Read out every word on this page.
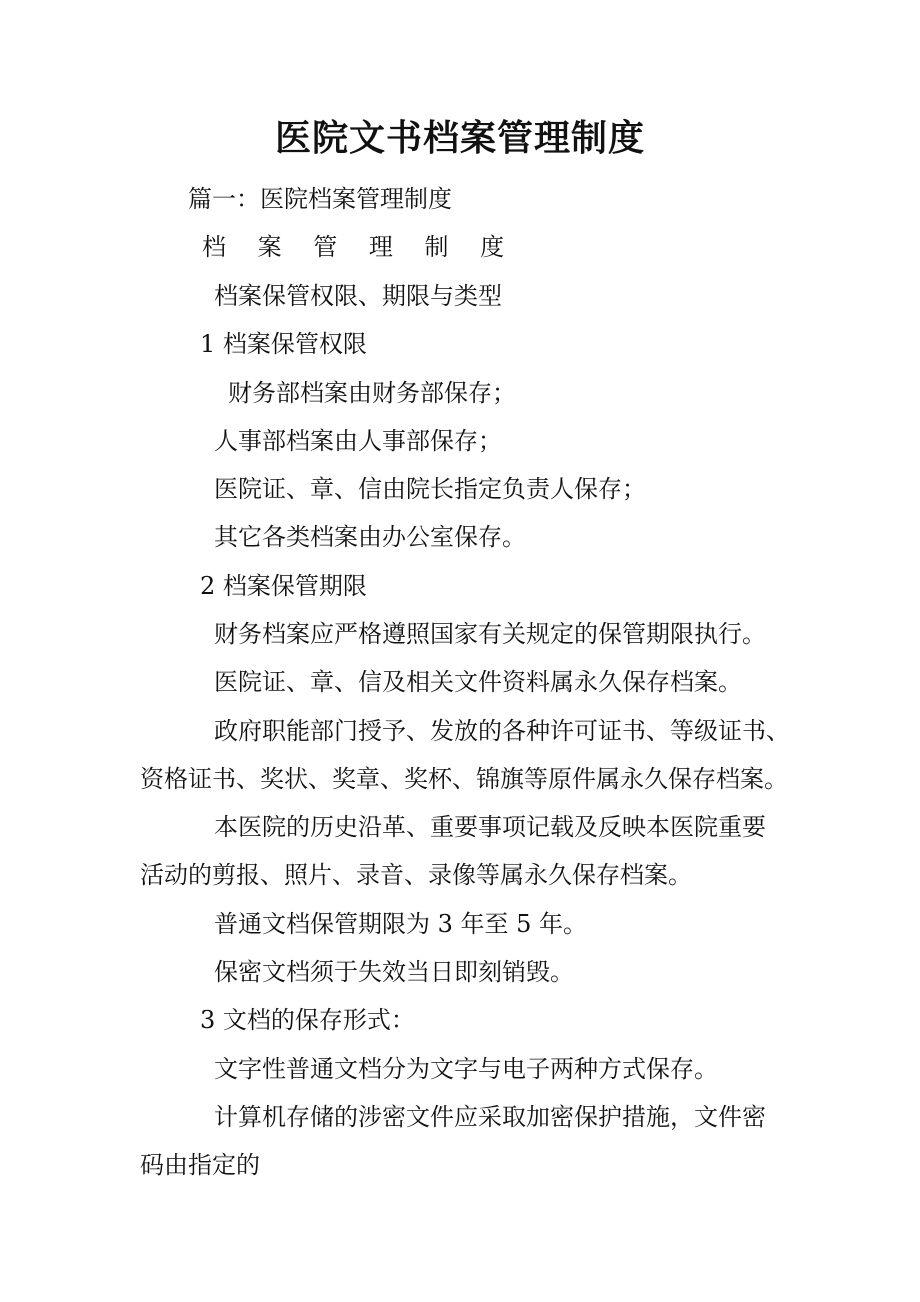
医院文书档案管理制度
篇一：医院档案管理制度
档 案 管 理 制 度
档案保管权限、期限与类型
1 档案保管权限
财务部档案由财务部保存；
人事部档案由人事部保存；
医院证、章、信由院长指定负责人保存；
其它各类档案由办公室保存。
2 档案保管期限
财务档案应严格遵照国家有关规定的保管期限执行。
医院证、章、信及相关文件资料属永久保存档案。
政府职能部门授予、发放的各种许可证书、等级证书、
资格证书、奖状、奖章、奖杯、锦旗等原件属永久保存档案。
本医院的历史沿革、重要事项记载及反映本医院重要
活动的剪报、照片、录音、录像等属永久保存档案。
普通文档保管期限为 3 年至 5 年。
保密文档须于失效当日即刻销毁。
3 文档的保存形式：
文字性普通文档分为文字与电子两种方式保存。
计算机存储的涉密文件应采取加密保护措施，文件密
码由指定的
